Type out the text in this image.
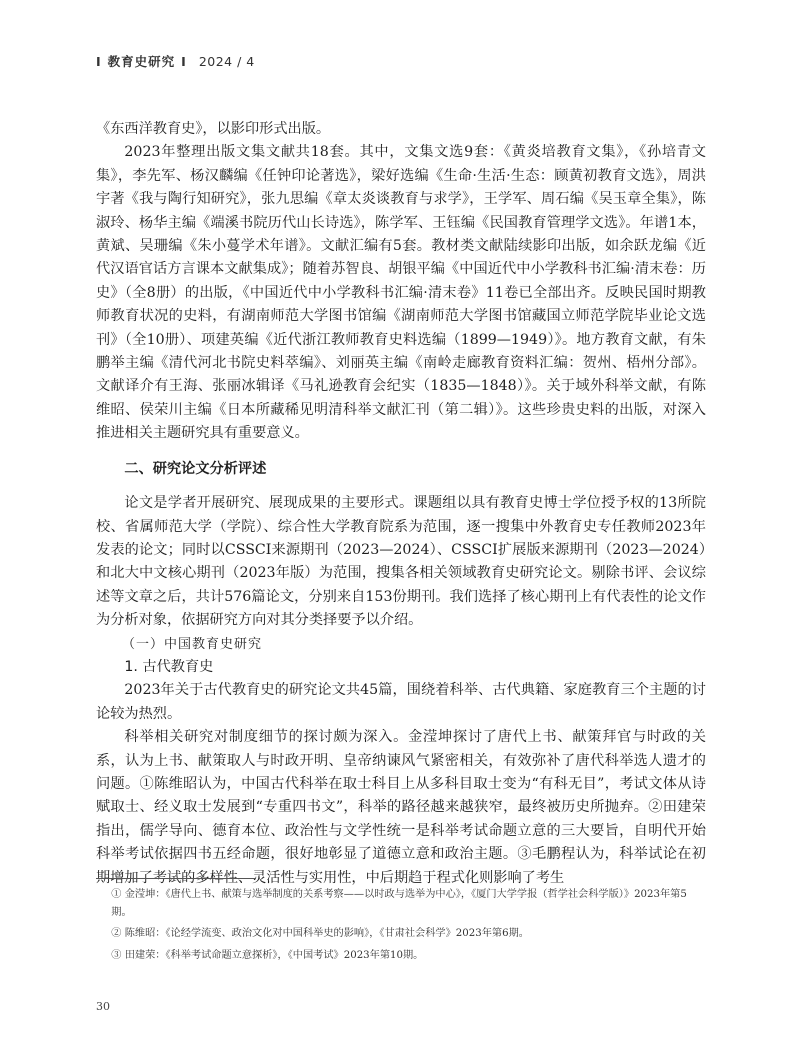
I 教育史研究 I 2024 / 4

《东西洋教育史》，以影印形式出版。

2023年整理出版文集文献共18套。其中，文集文选9套：《黄炎培教育文集》，《孙培青文集》，李先军、杨汉麟编《任钟印论著选》，梁好选编《生命·生活·生态：顾黄初教育文选》，周洪宇著《我与陶行知研究》，张九思编《章太炎谈教育与求学》，王学军、周石编《吴玉章全集》，陈淑玲、杨华主编《端溪书院历代山长诗选》，陈学军、王钰编《民国教育管理学文选》。年谱1本，黄斌、吴珊编《朱小蔓学术年谱》。文献汇编有5套。教材类文献陆续影印出版，如余跃龙编《近代汉语官话方言课本文献集成》；随着苏智良、胡银平编《中国近代中小学教科书汇编·清末卷：历史》（全8册）的出版，《中国近代中小学教科书汇编·清末卷》11卷已全部出齐。反映民国时期教师教育状况的史料，有湖南师范大学图书馆编《湖南师范大学图书馆藏国立师范学院毕业论文选刊》（全10册）、项建英编《近代浙江教师教育史料选编（1899—1949）》。地方教育文献，有朱鹏举主编《清代河北书院史料萃编》、刘丽英主编《南岭走廊教育资料汇编：贺州、梧州分部》。文献译介有王海、张丽冰辑译《马礼逊教育会纪实（1835—1848）》。关于域外科举文献，有陈维昭、侯荣川主编《日本所藏稀见明清科举文献汇刊（第二辑）》。这些珍贵史料的出版，对深入推进相关主题研究具有重要意义。

二、研究论文分析评述

论文是学者开展研究、展现成果的主要形式。课题组以具有教育史博士学位授予权的13所院校、省属师范大学（学院）、综合性大学教育院系为范围，逐一搜集中外教育史专任教师2023年发表的论文；同时以CSSCI来源期刊（2023—2024）、CSSCI扩展版来源期刊（2023—2024）和北大中文核心期刊（2023年版）为范围，搜集各相关领域教育史研究论文。剔除书评、会议综述等文章之后，共计576篇论文，分别来自153份期刊。我们选择了核心期刊上有代表性的论文作为分析对象，依据研究方向对其分类择要予以介绍。

（一）中国教育史研究
1. 古代教育史

2023年关于古代教育史的研究论文共45篇，围绕着科举、古代典籍、家庭教育三个主题的讨论较为热烈。

科举相关研究对制度细节的探讨颇为深入。金滢坤探讨了唐代上书、献策拜官与时政的关系，认为上书、献策取人与时政开明、皇帝纳谏风气紧密相关，有效弥补了唐代科举选人遗才的问题。①陈维昭认为，中国古代科举在取士科目上从多科目取士变为“有科无目”，考试文体从诗赋取士、经义取士发展到“专重四书文”，科举的路径越来越狭窄，最终被历史所抛弃。②田建荣指出，儒学导向、德育本位、政治性与文学性统一是科举考试命题立意的三大要旨，自明代开始科举考试依据四书五经命题，很好地彰显了道德立意和政治主题。③毛鹏程认为，科举试论在初期增加了考试的多样性、灵活性与实用性，中后期趋于程式化则影响了考生

① 金滢坤：《唐代上书、献策与选举制度的关系考察——以时政与选举为中心》，《厦门大学学报（哲学社会科学版）》2023年第5期。

② 陈维昭：《论经学流变、政治文化对中国科举史的影响》，《甘肃社会科学》2023年第6期。

③ 田建荣：《科举考试命题立意探析》，《中国考试》2023年第10期。

30
